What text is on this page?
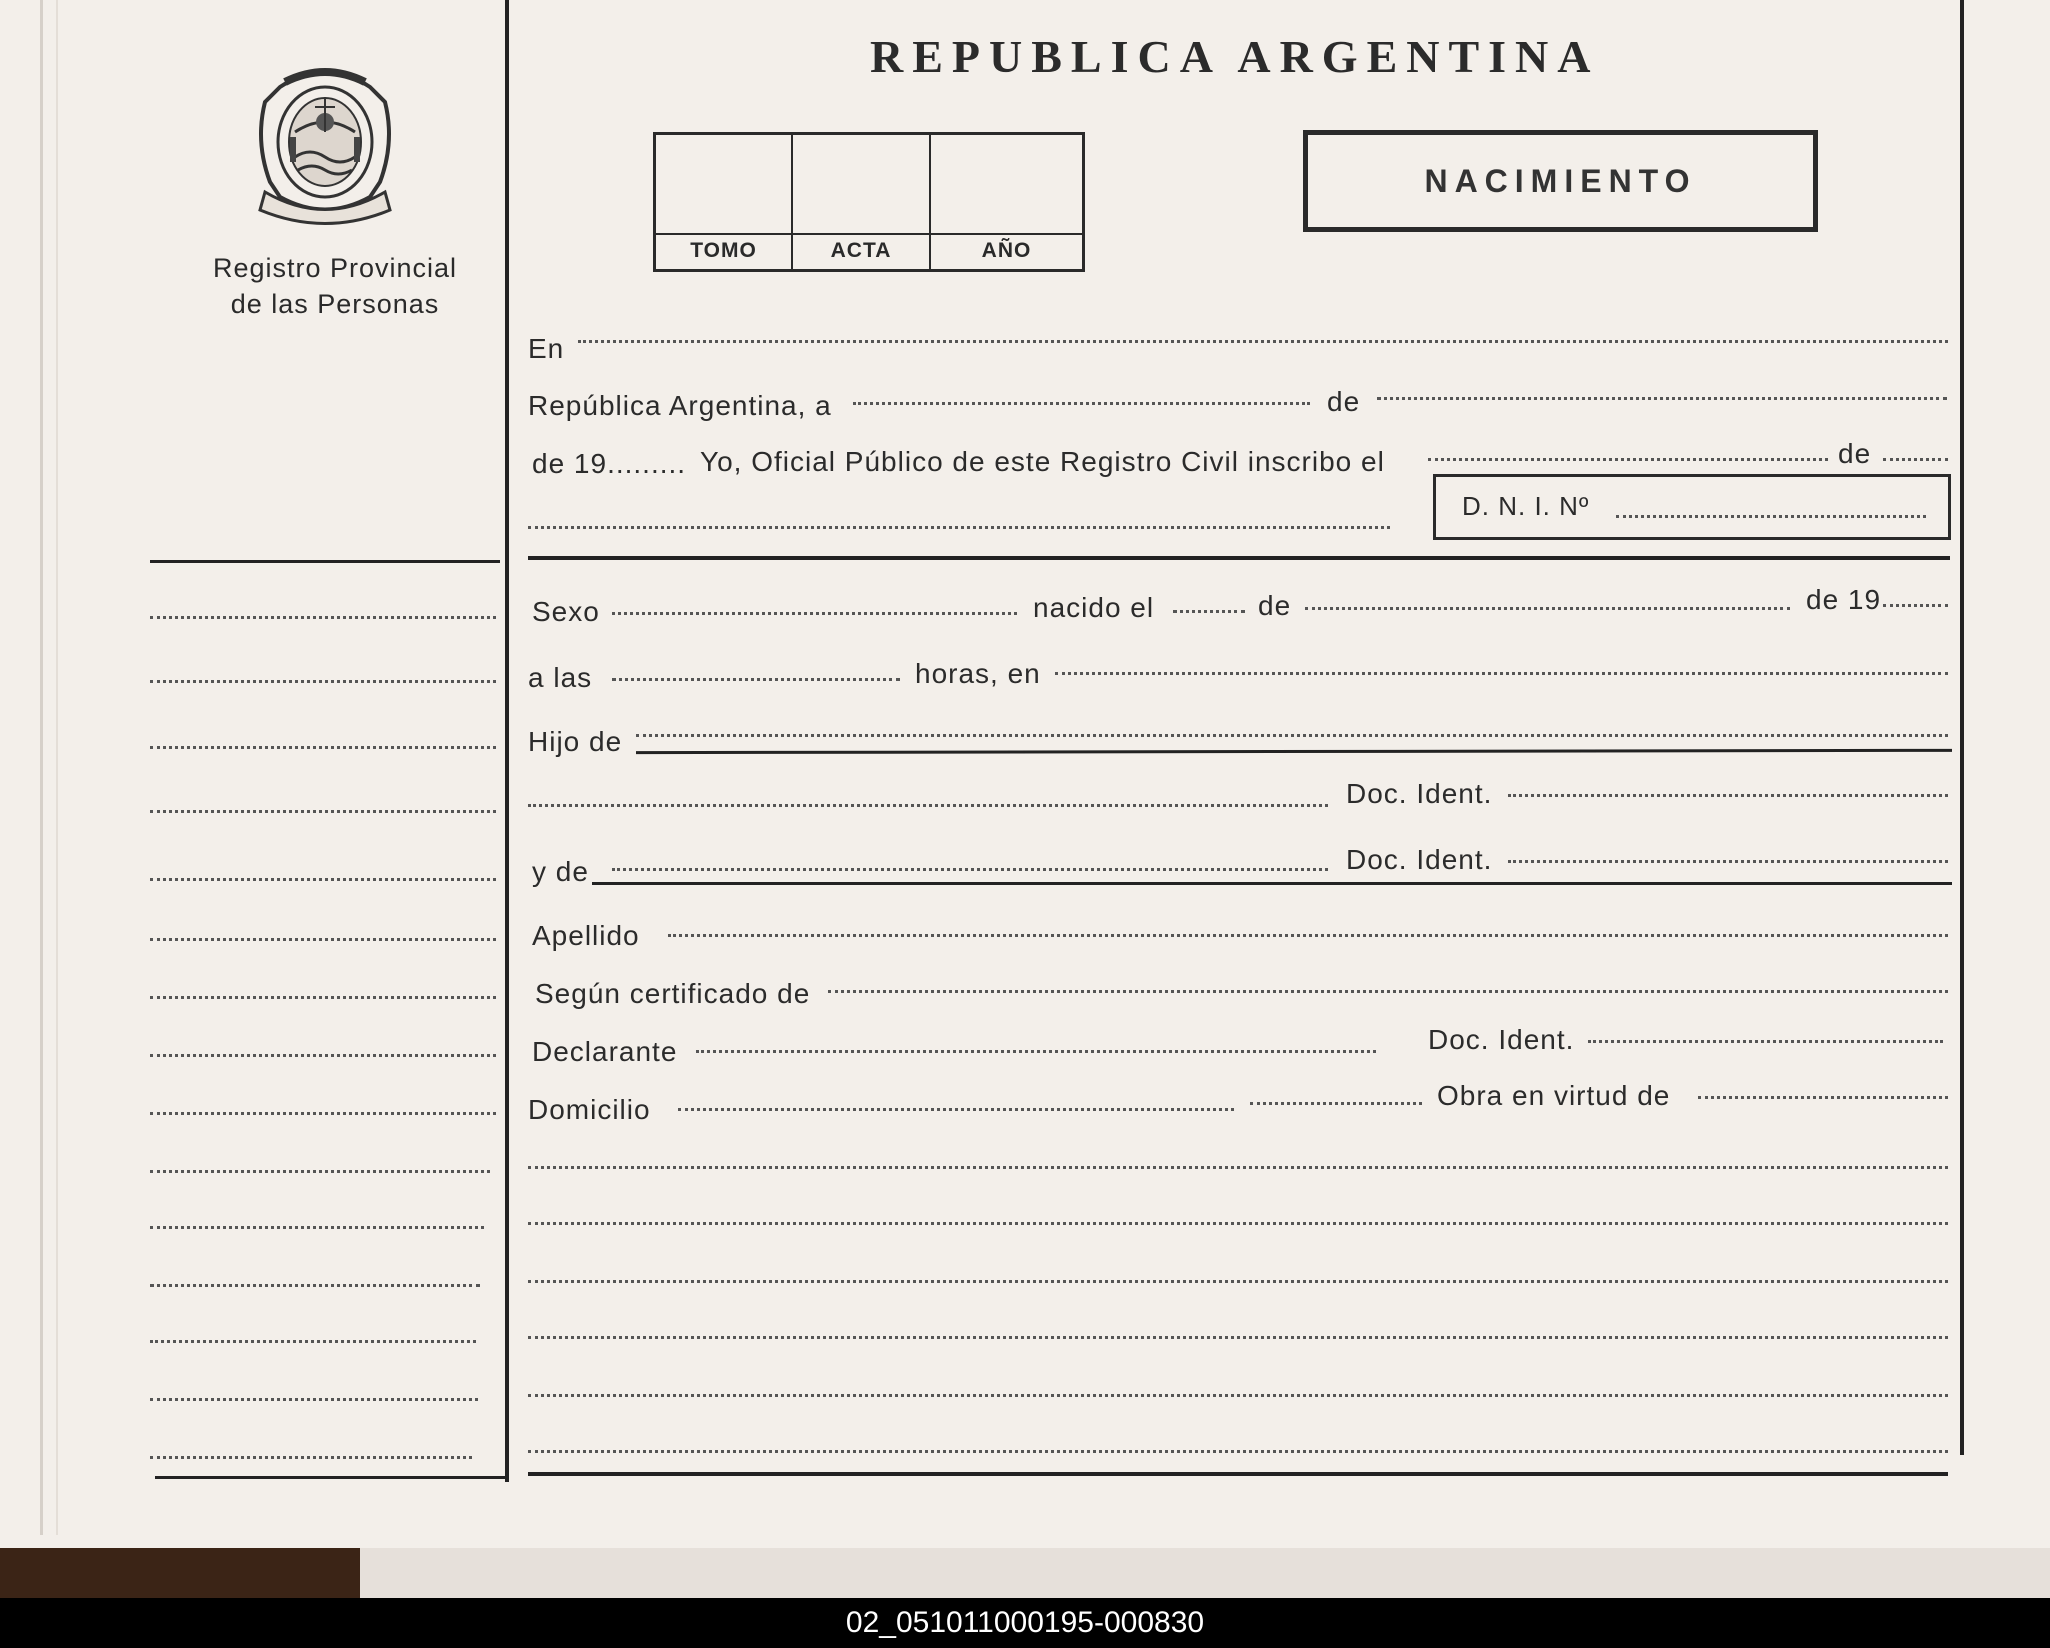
REPUBLICA ARGENTINA
Registro Provincial
de las Personas
TOMO	ACTA	AÑO
NACIMIENTO
En
República Argentina, a	de
de 19......... Yo, Oficial Público de este Registro Civil inscribo el	de
D. N. I. Nº
Sexo	nacido el	de	de 19
a las	horas, en
Hijo de
Doc. Ident.
y de	Doc. Ident.
Apellido
Según certificado de
Declarante	Doc. Ident.
Domicilio	Obra en virtud de
02_051011000195-000830
